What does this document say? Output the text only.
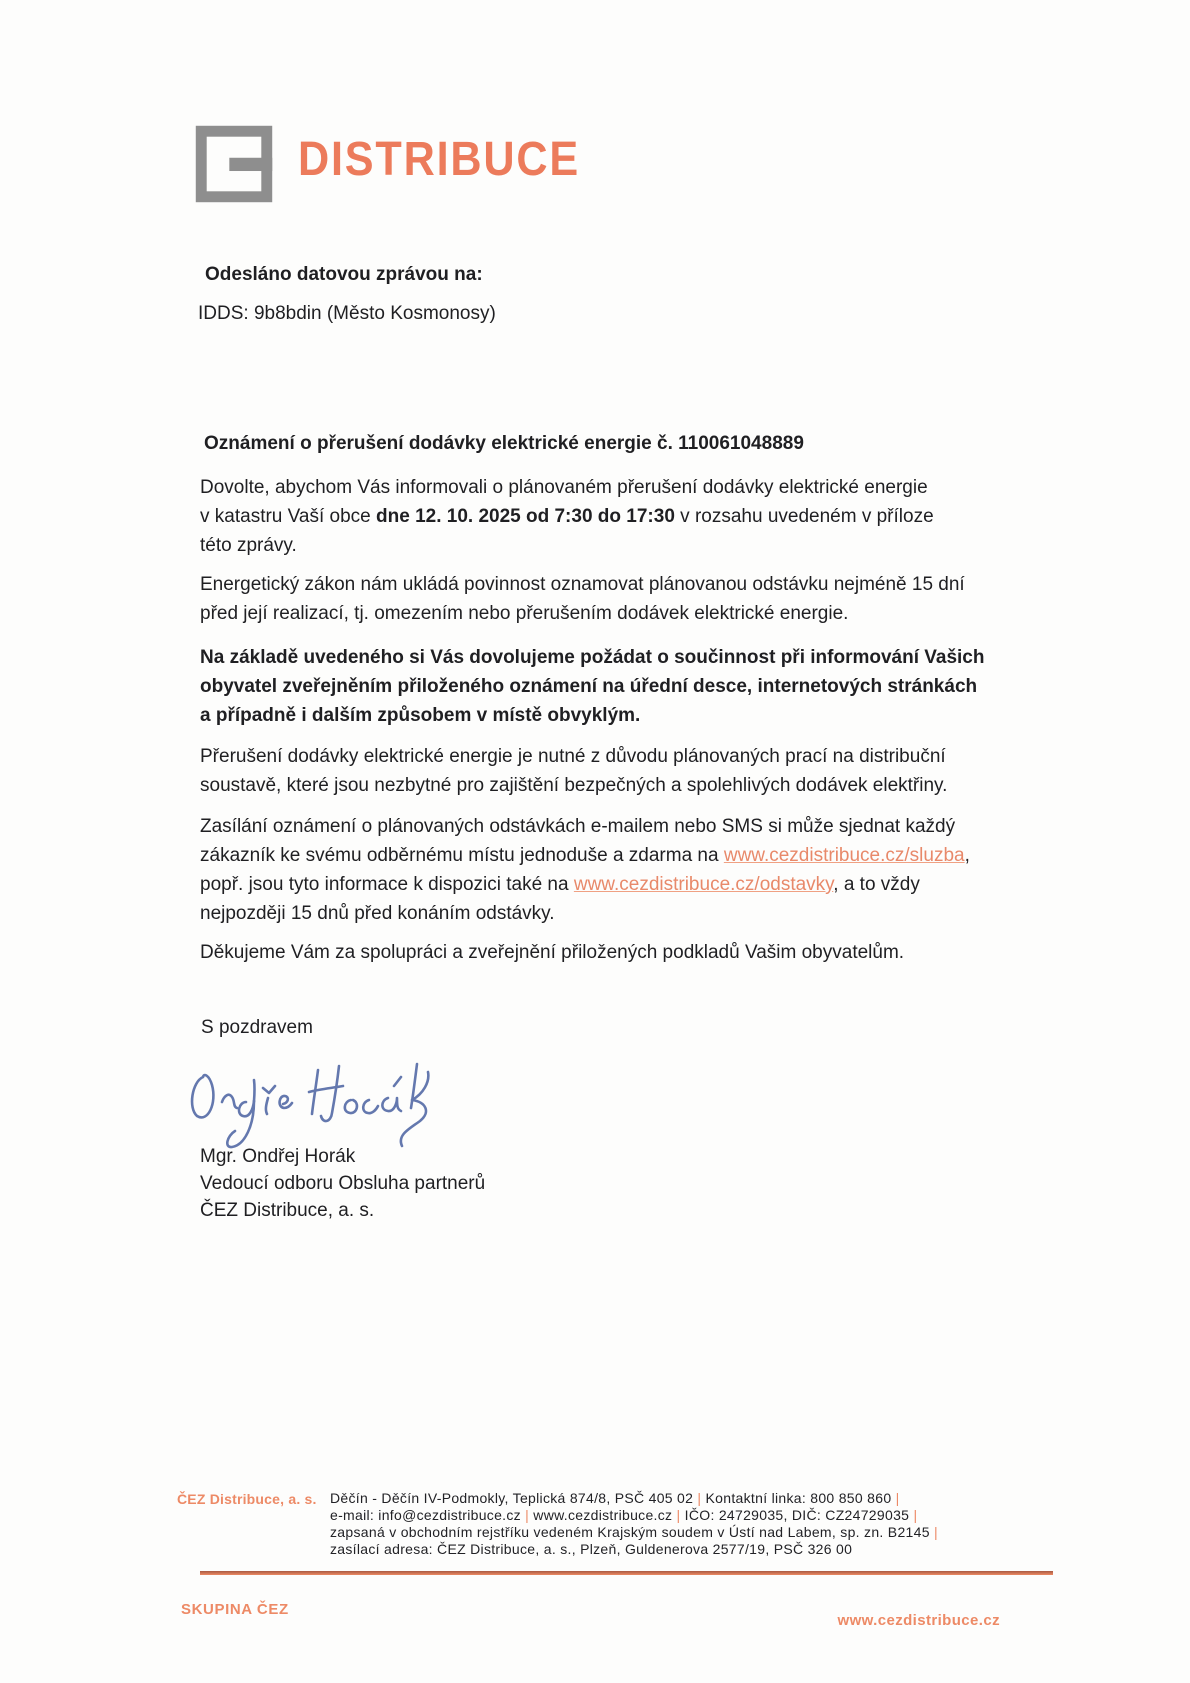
DISTRIBUCE
Odesláno datovou zprávou na:
IDDS: 9b8bdin (Město Kosmonosy)
Oznámení o přerušení dodávky elektrické energie č. 110061048889
Dovolte, abychom Vás informovali o plánovaném přerušení dodávky elektrické energie
v katastru Vaší obce dne 12. 10. 2025 od 7:30 do 17:30 v rozsahu uvedeném v příloze
této zprávy.
Energetický zákon nám ukládá povinnost oznamovat plánovanou odstávku nejméně 15 dní
před její realizací, tj. omezením nebo přerušením dodávek elektrické energie.
Na základě uvedeného si Vás dovolujeme požádat o součinnost při informování Vašich
obyvatel zveřejněním přiloženého oznámení na úřední desce, internetových stránkách
a případně i dalším způsobem v místě obvyklým.
Přerušení dodávky elektrické energie je nutné z důvodu plánovaných prací na distribuční
soustavě, které jsou nezbytné pro zajištění bezpečných a spolehlivých dodávek elektřiny.
Zasílání oznámení o plánovaných odstávkách e-mailem nebo SMS si může sjednat každý
zákazník ke svému odběrnému místu jednoduše a zdarma na www.cezdistribuce.cz/sluzba,
popř. jsou tyto informace k dispozici také na www.cezdistribuce.cz/odstavky, a to vždy
nejpozději 15 dnů před konáním odstávky.
Děkujeme Vám za spolupráci a zveřejnění přiložených podkladů Vašim obyvatelům.
S pozdravem
Mgr. Ondřej Horák
Vedoucí odboru Obsluha partnerů
ČEZ Distribuce, a. s.
ČEZ Distribuce, a. s. Děčín - Děčín IV-Podmokly, Teplická 874/8, PSČ 405 02 | Kontaktní linka: 800 850 860 |
e-mail: info@cezdistribuce.cz | www.cezdistribuce.cz | IČO: 24729035, DIČ: CZ24729035 |
zapsaná v obchodním rejstříku vedeném Krajským soudem v Ústí nad Labem, sp. zn. B2145 |
zasílací adresa: ČEZ Distribuce, a. s., Plzeň, Guldenerova 2577/19, PSČ 326 00
SKUPINA ČEZ
www.cezdistribuce.cz
